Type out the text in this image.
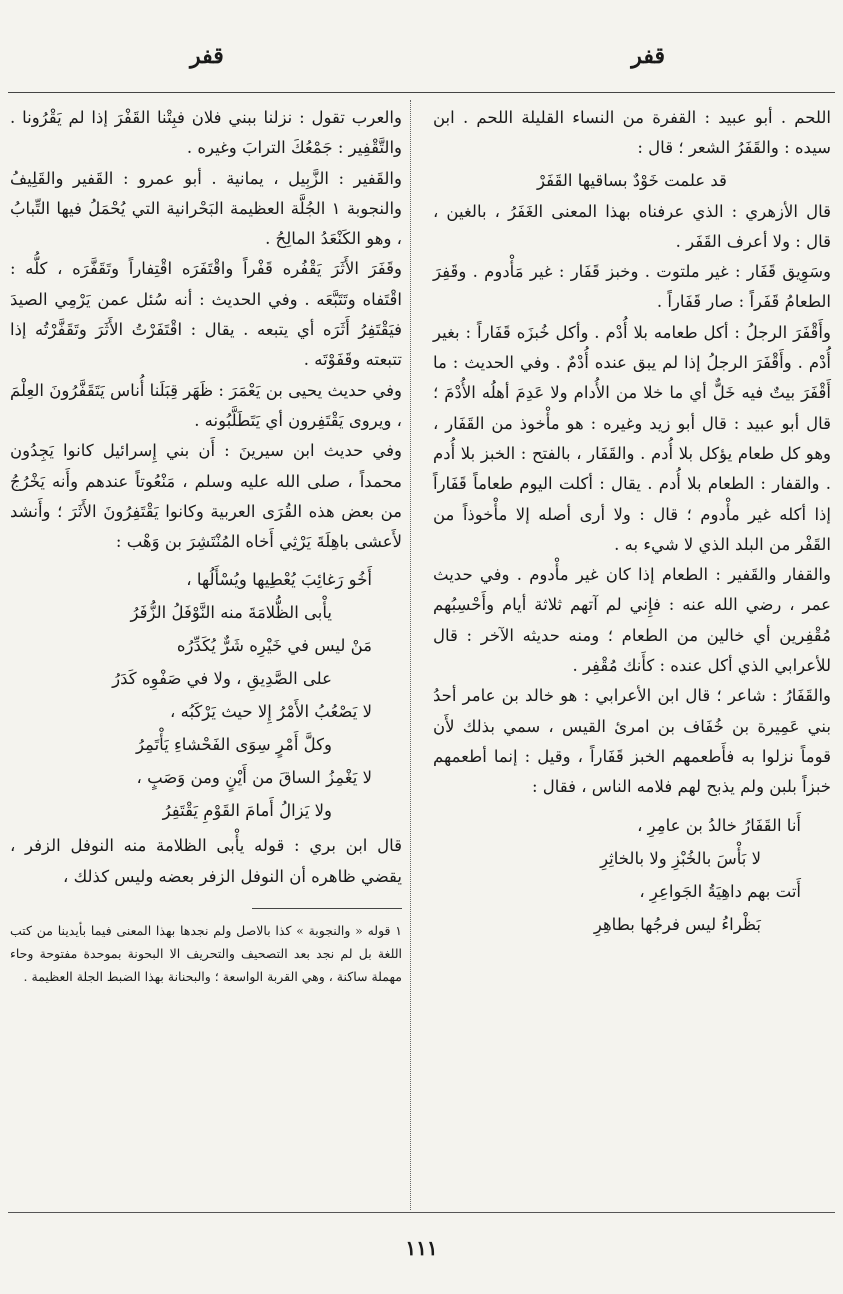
قفر
قفر

اللحم . أبو عبيد : القفرة من النساء القليلة اللحم . ابن سيده : والقَفَرُ الشعر ؛ قال :

قد علمت خَوْدٌ بساقيها القَفَرْ

قال الأزهري : الذي عرفناه بهذا المعنى الغَفَرُ ، بالغين ، قال : ولا أعرف القَفَر .

وسَوِيق قَفَار : غير ملتوت . وخبز قَفَار : غير مَأْدوم . وقَفِرَ الطعامُ قَفَراً : صار قَفَاراً .

وأَقْفَرَ الرجلُ : أكل طعامه بلا أُدْم . وأكل خُبزَه قَفَاراً : بغير أُدْم . وأَقْفَرَ الرجلُ إذا لم يبق عنده أُدْمٌ . وفي الحديث : ما أَقْفَرَ بيتٌ فيه خَلٌّ أي ما خلا من الأُدام ولا عَدِمَ أهلُه الأُدْمَ ؛ قال أبو عبيد : قال أبو زيد وغيره : هو مأْخوذ من القَفَار ، وهو كل طعام يؤكل بلا أُدم . والقَفَار ، بالفتح : الخبز بلا أُدم . والقفار : الطعام بلا أُدم . يقال : أكلت اليوم طعاماً قَفَاراً إذا أكله غير مأْدوم ؛ قال : ولا أرى أصله إلا مأْخوذاً من القَفْر من البلد الذي لا شيء به .

والقفار والقَفير : الطعام إذا كان غير مأْدوم . وفي حديث عمر ، رضي الله عنه : فإِني لم آتهم ثلاثة أيام وأَحْسِبُهم مُقْفِرين أي خالين من الطعام ؛ ومنه حديثه الآخر : قال للأعرابي الذي أكل عنده : كأَنك مُقْفِر .

والقَفَارُ : شاعر ؛ قال ابن الأعرابي : هو خالد بن عامر أحدُ بني عَمِيرة بن خُفَاف بن امرئ القيس ، سمي بذلك لأَن قوماً نزلوا به فأَطعمهم الخبز قَفَاراً ، وقيل : إنما أطعمهم خبزاً بلبن ولم يذبح لهم فلامه الناس ، فقال :

أَنا القَفَارُ خالدُ بن عامِرِ ،

لا بَأْسَ بالخُبْزِ ولا بالخاثِرِ

أَتت بهم داهِيَةُ الجَواعِرِ ،

بَظْراءُ ليس فرجُها بطاهِرِ

والعرب تقول : نزلنا ببني فلان فبِتْنا القَفْرَ إذا لم يَقْرُونا . والتَّقْفِير : جَمْعُكَ الترابَ وغيره .

والقَفير : الزَّبِيل ، يمانية . أبو عمرو : القَفير والقَلِيفُ والنجوبة ١ الجُلَّة العظيمة البَحْرانية التي يُحْمَلُ فيها التِّبابُ ، وهو الكَنْعَدُ المالِحُ .

وقَفَرَ الأَثَرَ يَقْفُره قَفْراً واقْتَفَرَه اقْتِفاراً وتَقَفَّرَه ، كلُّه : اقْتَفاه وتَتَبَّعَه . وفي الحديث : أنه سُئل عمن يَرْمِي الصيدَ فيَقْتَفِرُ أَثَرَه أي يتبعه . يقال : اقْتَفَرْتُ الأَثَرَ وتَقَفَّرْتُه إذا تتبعته وقَفَوْتَه .

وفي حديث يحيى بن يَعْمَرَ : ظَهَر قِبَلَنا أُناس يَتَقَفَّرُونَ العِلْمَ ، ويروى يَقْتَفِرون أي يَتَطَلَّبُونه .

وفي حديث ابن سيرينَ : أَن بني إِسرائيل كانوا يَجِدُون محمداً ، صلى الله عليه وسلم ، مَنْعُوتاً عندهم وأَنه يَخْرُجُ من بعض هذه القُرَى العربية وكانوا يَقْتَفِرُونَ الأَثَرَ ؛ وأَنشد لأَعشى باهِلَةَ يَرْثِي أَخاه المُنْتَشِرَ بن وَهْب :

أَخُو رَغائِبَ يُعْطِيها ويُسْأَلُها ،

يأْبى الظُّلامَةَ منه النَّوْفَلُ الزُّفَرُ

مَنْ ليس في خَيْرِه شَرٌّ يُكَدِّرُه

على الصَّدِيقِ ، ولا في صَفْوِه كَدَرُ

لا يَصْعُبُ الأَمْرُ إِلا حيث يَرْكَبُه ،

وكلَّ أَمْرٍ سِوَى الفَحْشاءِ يَأْتَمِرُ

لا يَغْمِزُ الساقَ من أَيْنٍ ومن وَصَبٍ ،

ولا يَزالُ أَمامَ القَوْمِ يَقْتَفِرُ

قال ابن بري : قوله يأْبى الظلامة منه النوفل الزفر ، يقضي ظاهره أن النوفل الزفر بعضه وليس كذلك ،

١ قوله « والنجوبة » كذا بالاصل ولم نجدها بهذا المعنى فيما بأيدينا من كتب اللغة بل لم نجد بعد التصحيف والتحريف الا البحونة بموحدة مفتوحة وحاء مهملة ساكنة ، وهي القربة الواسعة ؛ والبحنانة بهذا الضبط الجلة العظيمة .

١١١
